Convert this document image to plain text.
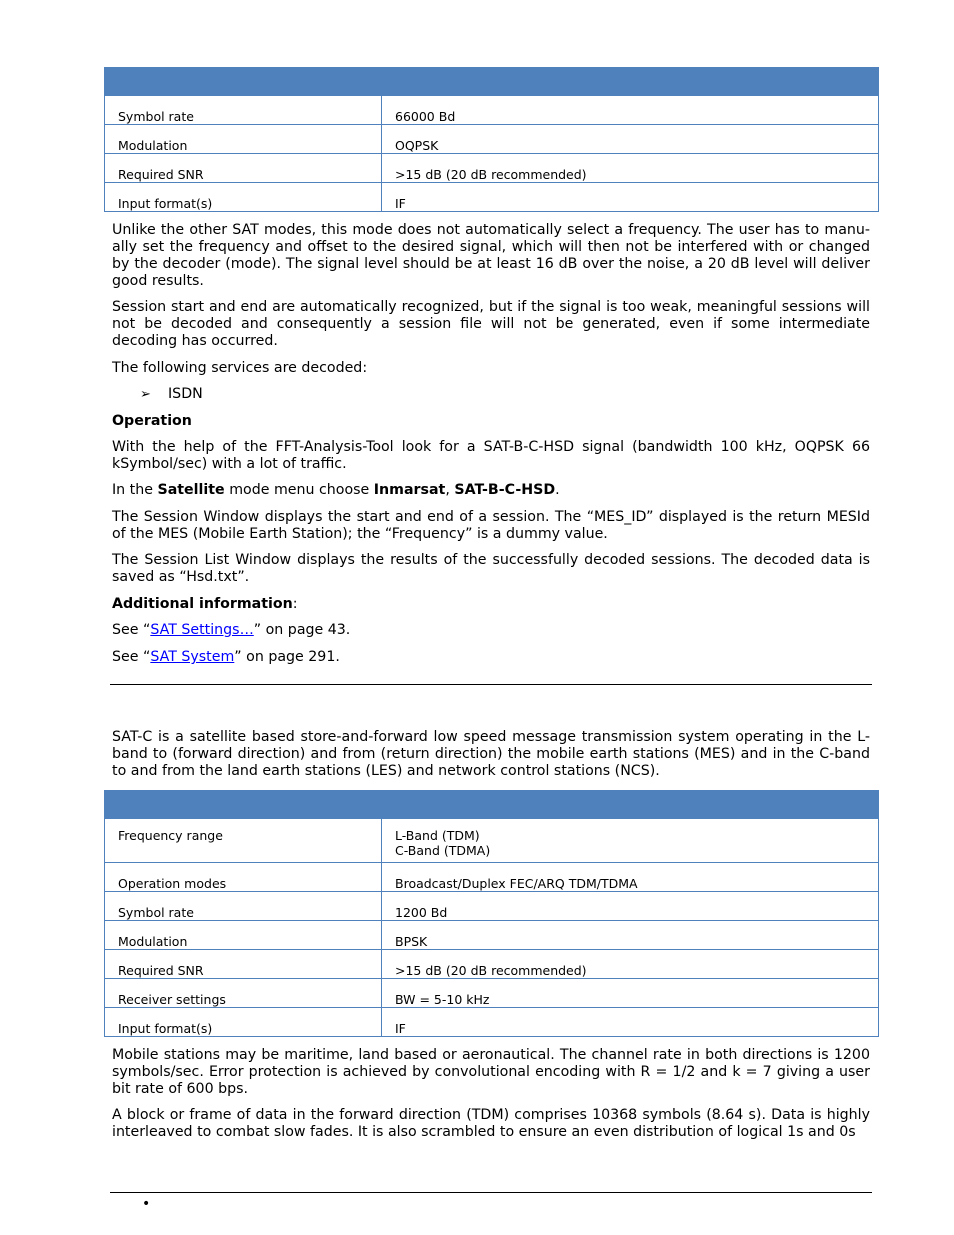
Symbol rate	66000 Bd
Modulation	OQPSK
Required SNR	>15 dB (20 dB recommended)
Input format(s)	IF

Unlike the other SAT modes, this mode does not automatically select a frequency. The user has to manu-ally set the frequency and offset to the desired signal, which will then not be interfered with or changed by the decoder (mode). The signal level should be at least 16 dB over the noise, a 20 dB level will deliver good results.

Session start and end are automatically recognized, but if the signal is too weak, meaningful sessions will not be decoded and consequently a session file will not be generated, even if some intermediate decoding has occurred.

The following services are decoded:

➢ ISDN

Operation

With the help of the FFT-Analysis-Tool look for a SAT-B-C-HSD signal (bandwidth 100 kHz, OQPSK 66 kSymbol/sec) with a lot of traffic.

In the Satellite mode menu choose Inmarsat, SAT-B-C-HSD.

The Session Window displays the start and end of a session. The “MES_ID” displayed is the return MESId of the MES (Mobile Earth Station); the “Frequency” is a dummy value.

The Session List Window displays the results of the successfully decoded sessions. The decoded data is saved as “Hsd.txt”.

Additional information:

See “SAT Settings…” on page 43.

See “SAT System” on page 291.

SAT-C is a satellite based store-and-forward low speed message transmission system operating in the L-band to (forward direction) and from (return direction) the mobile earth stations (MES) and in the C-band to and from the land earth stations (LES) and network control stations (NCS).

Frequency range	L-Band (TDM)
C-Band (TDMA)

Operation modes	Broadcast/Duplex FEC/ARQ TDM/TDMA
Symbol rate	1200 Bd
Modulation	BPSK
Required SNR	>15 dB (20 dB recommended)
Receiver settings	BW = 5-10 kHz
Input format(s)	IF

Mobile stations may be maritime, land based or aeronautical. The channel rate in both directions is 1200 symbols/sec. Error protection is achieved by convolutional encoding with R = 1/2 and k = 7 giving a user bit rate of 600 bps.

A block or frame of data in the forward direction (TDM) comprises 10368 symbols (8.64 s). Data is highly interleaved to combat slow fades. It is also scrambled to ensure an even distribution of logical 1s and 0s

•
